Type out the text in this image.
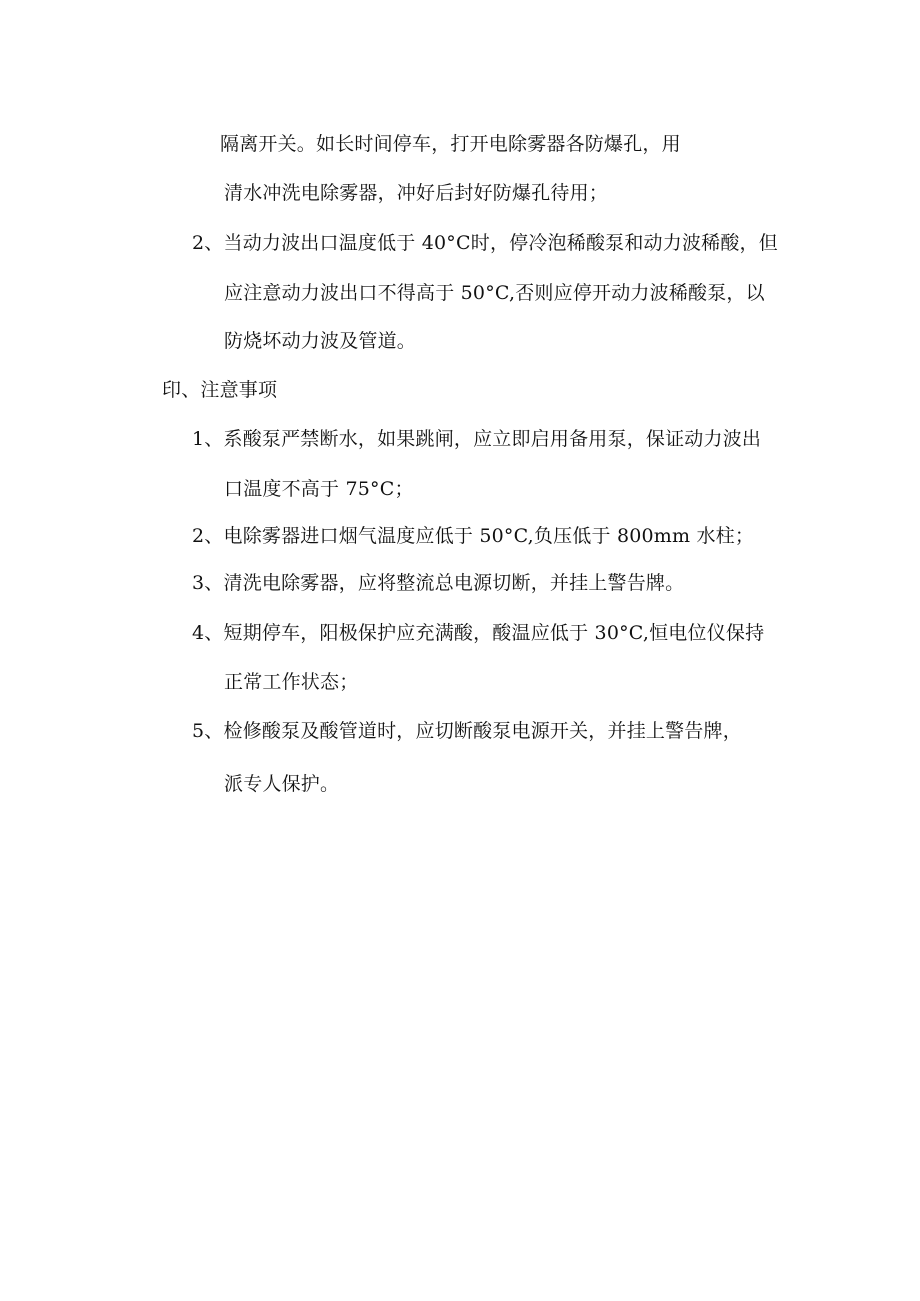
隔离开关。如长时间停车，打开电除雾器各防爆孔，用
清水冲洗电除雾器，冲好后封好防爆孔待用；
2、当动力波出口温度低于 40°C时，停冷泡稀酸泵和动力波稀酸，但
应注意动力波出口不得高于 50°C,否则应停开动力波稀酸泵，以
防烧坏动力波及管道。
印、注意事项
1、系酸泵严禁断水，如果跳闸，应立即启用备用泵，保证动力波出
口温度不高于 75°C；
2、电除雾器进口烟气温度应低于 50°C,负压低于 800mm 水柱；
3、清洗电除雾器，应将整流总电源切断，并挂上警告牌。
4、短期停车，阳极保护应充满酸，酸温应低于 30°C,恒电位仪保持
正常工作状态；
5、检修酸泵及酸管道时，应切断酸泵电源开关，并挂上警告牌，
派专人保护。
